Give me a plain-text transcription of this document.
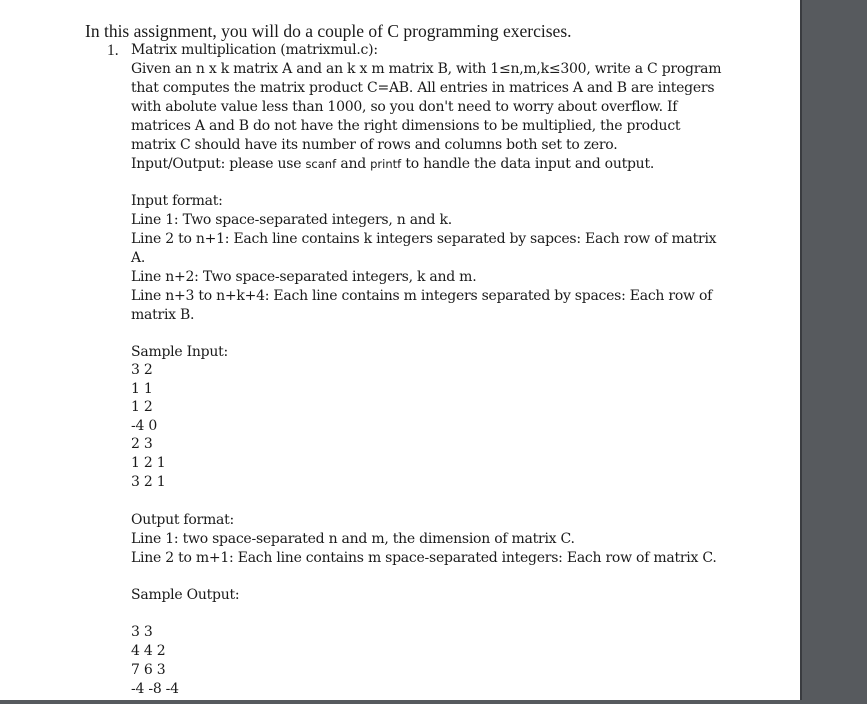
In this assignment, you will do a couple of C programming exercises.
1. Matrix multiplication (matrixmul.c):
Given an n x k matrix A and an k x m matrix B, with 1≤n,m,k≤300, write a C program
that computes the matrix product C=AB. All entries in matrices A and B are integers
with abolute value less than 1000, so you don't need to worry about overflow. If
matrices A and B do not have the right dimensions to be multiplied, the product
matrix C should have its number of rows and columns both set to zero.
Input/Output: please use scanf and printf to handle the data input and output.
Input format:
Line 1: Two space-separated integers, n and k.
Line 2 to n+1: Each line contains k integers separated by sapces: Each row of matrix
A.
Line n+2: Two space-separated integers, k and m.
Line n+3 to n+k+4: Each line contains m integers separated by spaces: Each row of
matrix B.
Sample Input:
3 2
1 1
1 2
-4 0
2 3
1 2 1
3 2 1
Output format:
Line 1: two space-separated n and m, the dimension of matrix C.
Line 2 to m+1: Each line contains m space-separated integers: Each row of matrix C.
Sample Output:
3 3
4 4 2
7 6 3
-4 -8 -4
